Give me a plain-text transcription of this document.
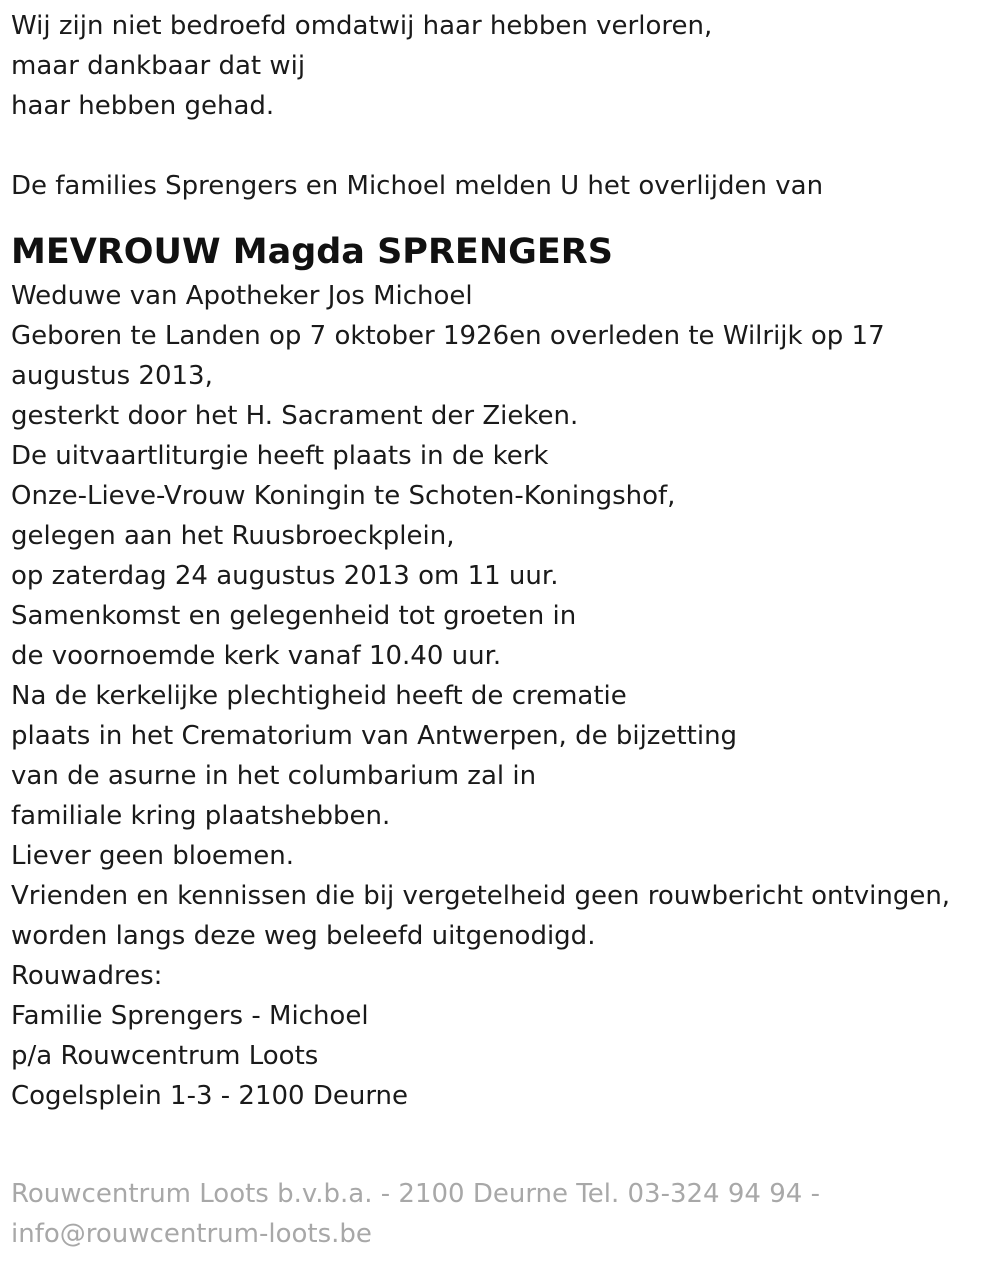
Wij zijn niet bedroefd omdatwij haar hebben verloren,

maar dankbaar dat wij

haar hebben gehad.

De families Sprengers en Michoel melden U het overlijden van

MEVROUW Magda SPRENGERS

Weduwe van Apotheker Jos Michoel

Geboren te Landen op 7 oktober 1926en overleden te Wilrijk op 17 augustus 2013,

gesterkt door het H. Sacrament der Zieken.

De uitvaartliturgie heeft plaats in de kerk

Onze-Lieve-Vrouw Koningin te Schoten-Koningshof,

gelegen aan het Ruusbroeckplein,

op zaterdag 24 augustus 2013 om 11 uur.

Samenkomst en gelegenheid tot groeten in

de voornoemde kerk vanaf 10.40 uur.

Na de kerkelijke plechtigheid heeft de crematie

plaats in het Crematorium van Antwerpen, de bijzetting

van de asurne in het columbarium zal in

familiale kring plaatshebben.

Liever geen bloemen.

Vrienden en kennissen die bij vergetelheid geen rouwbericht ontvingen,

worden langs deze weg beleefd uitgenodigd.

Rouwadres:

Familie Sprengers - Michoel

p/a Rouwcentrum Loots

Cogelsplein 1-3 - 2100 Deurne

Rouwcentrum Loots b.v.b.a. - 2100 Deurne Tel. 03-324 94 94 -

info@rouwcentrum-loots.be
